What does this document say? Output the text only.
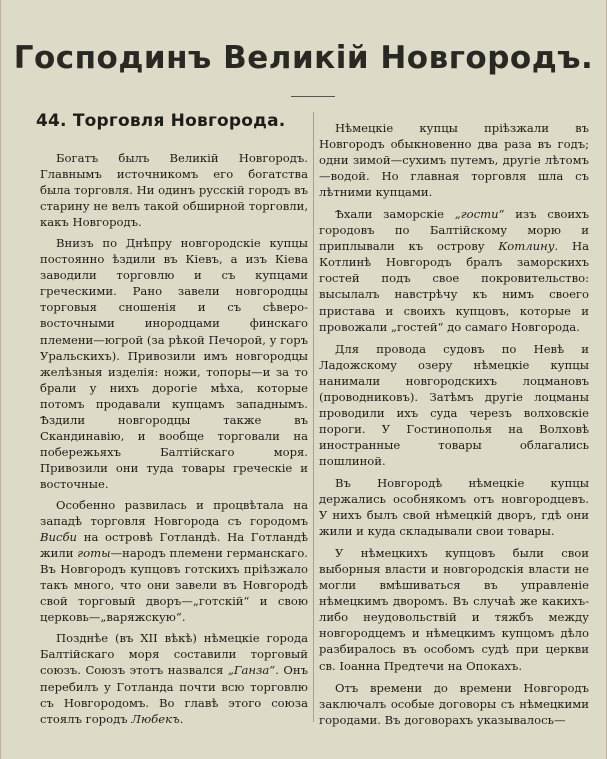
Господинъ Великій Новгородъ.
44. Торговля Новгорода.

Богатъ былъ Великій Новгородъ. Главнымъ источникомъ его богатства была торговля. Ни одинъ русскій городъ въ старину не велъ такой обширной торговли, какъ Новгородъ.

Внизъ по Днѣпру новгородскіе купцы постоянно ѣздили въ Кіевъ, а изъ Кіева заводили торговлю и съ купцами греческими. Рано завели новгородцы торговыя сношенія и съ сѣверо-восточными инородцами финскаго племени—югрой (за рѣкой Печорой, у горъ Уральскихъ). Привозили имъ новгородцы желѣзныя изделія: ножи, топоры—и за то брали у нихъ дорогіе мѣха, которые потомъ продавали купцамъ западнымъ. Ѣздили новгородцы также въ Скандинавію, и вообще торговали на побережьяхъ Балтійскаго моря. Привозили они туда товары греческіе и восточные.

Особенно развилась и процвѣтала на западѣ торговля Новгорода съ городомъ Висби на островѣ Готландѣ. На Готландѣ жили готы—народъ племени германскаго. Въ Новгородъ купцовъ готскихъ пріѣзжало такъ много, что они завели въ Новгородѣ свой торговый дворъ—„готскій“ и свою церковь—„варяжскую“.

Позднѣе (въ XII вѣкѣ) нѣмецкіе города Балтійскаго моря составили торговый союзъ. Союзъ этотъ назвался „Ганза“. Онъ перебилъ у Готланда почти всю торговлю съ Новгородомъ. Во главѣ этого союза стоялъ городъ Любекъ.

Нѣмецкіе купцы пріѣзжали въ Новгородъ обыкновенно два раза въ годъ; одни зимой—сухимъ путемъ, другіе лѣтомъ—водой. Но главная торговля шла съ лѣтними купцами.

Ѣхали заморскіе „гости“ изъ своихъ городовъ по Балтійскому морю и приплывали къ острову Котлину. На Котлинѣ Новгородъ бралъ заморскихъ гостей подъ свое покровительство: высылалъ навстрѣчу къ нимъ своего пристава и своихъ купцовъ, которые и провожали „гостей“ до самаго Новгорода.

Для провода судовъ по Невѣ и Ладожскому озеру нѣмецкіе купцы нанимали новгородскихъ лоцмановъ (проводниковъ). Затѣмъ другіе лоцманы проводили ихъ суда черезъ волховскіе пороги. У Гостинополья на Волховѣ иностранные товары облагались пошлиной.

Въ Новгородѣ нѣмецкіе купцы держались особнякомъ отъ новгородцевъ. У нихъ былъ свой нѣмецкій дворъ, гдѣ они жили и куда складывали свои товары.

У нѣмецкихъ купцовъ были свои выборныя власти и новгородскія власти не могли вмѣшиваться въ управленіе нѣмецкимъ дворомъ. Въ случаѣ же какихъ-либо неудовольствій и тяжбъ между новгородцемъ и нѣмецкимъ купцомъ дѣло разбиралось въ особомъ судѣ при церкви св. Іоанна Предтечи на Опокахъ.

Отъ времени до времени Новгородъ заключалъ особые договоры съ нѣмецкими городами. Въ договорахъ указывалось—
